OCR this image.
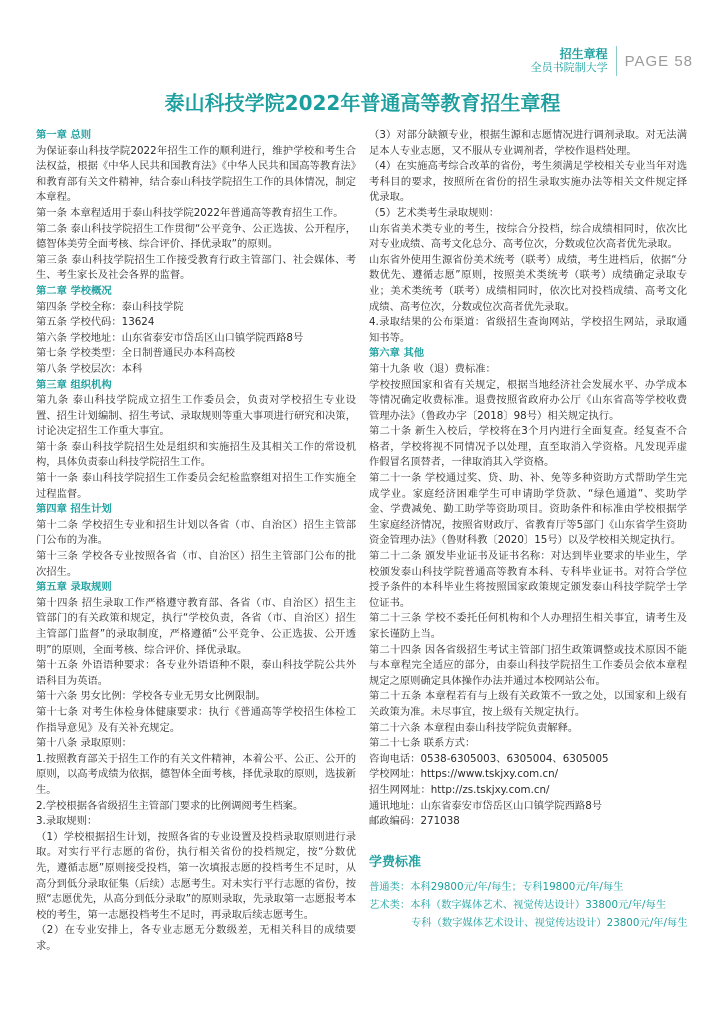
招生章程
全员书院制大学 PAGE 58
泰山科技学院2022年普通高等教育招生章程
第一章 总则

为保证泰山科技学院2022年招生工作的顺利进行，维护学校和考生合法权益，根据《中华人民共和国教育法》《中华人民共和国高等教育法》和教育部有关文件精神，结合泰山科技学院招生工作的具体情况，制定本章程。

第一条 本章程适用于泰山科技学院2022年普通高等教育招生工作。

第二条 泰山科技学院招生工作贯彻“公平竞争、公正选拔、公开程序，德智体美劳全面考核、综合评价、择优录取”的原则。

第三条 泰山科技学院招生工作接受教育行政主管部门、社会媒体、考生、考生家长及社会各界的监督。

第二章 学校概况

第四条 学校全称：泰山科技学院

第五条 学校代码：13624

第六条 学校地址：山东省泰安市岱岳区山口镇学院西路8号

第七条 学校类型：全日制普通民办本科高校

第八条 学校层次：本科

第三章 组织机构

第九条 泰山科技学院成立招生工作委员会，负责对学校招生专业设置、招生计划编制、招生考试、录取规则等重大事项进行研究和决策，讨论决定招生工作重大事宜。

第十条 泰山科技学院招生处是组织和实施招生及其相关工作的常设机构，具体负责泰山科技学院招生工作。

第十一条 泰山科技学院招生工作委员会纪检监察组对招生工作实施全过程监督。

第四章 招生计划

第十二条 学校招生专业和招生计划以各省（市、自治区）招生主管部门公布的为准。

第十三条 学校各专业按照各省（市、自治区）招生主管部门公布的批次招生。

第五章 录取规则

第十四条 招生录取工作严格遵守教育部、各省（市、自治区）招生主管部门的有关政策和规定，执行“学校负责，各省（市、自治区）招生主管部门监督”的录取制度，严格遵循“公平竞争、公正选拔、公开透明”的原则，全面考核、综合评价、择优录取。

第十五条 外语语种要求：各专业外语语种不限，泰山科技学院公共外语科目为英语。

第十六条 男女比例：学校各专业无男女比例限制。

第十七条 对考生体检身体健康要求：执行《普通高等学校招生体检工作指导意见》及有关补充规定。

第十八条 录取原则：

1.按照教育部关于招生工作的有关文件精神，本着公平、公正、公开的原则，以高考成绩为依据，德智体全面考核，择优录取的原则，选拔新生。

2.学校根据各省级招生主管部门要求的比例调阅考生档案。

3.录取规则：

（1）学校根据招生计划，按照各省的专业设置及投档录取原则进行录取。对实行平行志愿的省份，执行相关省份的投档规定，按“分数优先，遵循志愿”原则接受投档，第一次填报志愿的投档考生不足时，从高分到低分录取征集（后续）志愿考生。对未实行平行志愿的省份，按照“志愿优先，从高分到低分录取”的原则录取，先录取第一志愿报考本校的考生，第一志愿投档考生不足时，再录取后续志愿考生。

（2）在专业安排上，各专业志愿无分数级差，无相关科目的成绩要求。

（3）对部分缺额专业，根据生源和志愿情况进行调剂录取。对无法满足本人专业志愿，又不服从专业调剂者，学校作退档处理。

（4）在实施高考综合改革的省份，考生须满足学校相关专业当年对选考科目的要求，按照所在省份的招生录取实施办法等相关文件规定择优录取。

（5）艺术类考生录取规则：

山东省美术类专业的考生，按综合分投档，综合成绩相同时，依次比对专业成绩、高考文化总分、高考位次，分数或位次高者优先录取。

山东省外使用生源省份美术统考（联考）成绩，考生进档后，依据“分数优先、遵循志愿”原则，按照美术类统考（联考）成绩确定录取专业；美术类统考（联考）成绩相同时，依次比对投档成绩、高考文化成绩、高考位次，分数或位次高者优先录取。

4.录取结果的公布渠道：省级招生查询网站，学校招生网站，录取通知书等。

第六章 其他

第十九条 收（退）费标准：

学校按照国家和省有关规定，根据当地经济社会发展水平、办学成本等情况确定收费标准。退费按照省政府办公厅《山东省高等学校收费管理办法》（鲁政办字〔2018〕98号）相关规定执行。

第二十条 新生入校后，学校将在3个月内进行全面复查。经复查不合格者，学校将视不同情况予以处理，直至取消入学资格。凡发现弄虚作假冒名顶替者，一律取消其入学资格。

第二十一条 学校通过奖、贷、助、补、免等多种资助方式帮助学生完成学业。家庭经济困难学生可申请助学贷款、“绿色通道”、奖助学金、学费减免、勤工助学等资助项目。资助条件和标准由学校根据学生家庭经济情况，按照省财政厅、省教育厅等5部门《山东省学生资助资金管理办法》（鲁财科教〔2020〕15号）以及学校相关规定执行。

第二十二条 颁发毕业证书及证书名称：对达到毕业要求的毕业生，学校颁发泰山科技学院普通高等教育本科、专科毕业证书。对符合学位授予条件的本科毕业生将按照国家政策规定颁发泰山科技学院学士学位证书。

第二十三条 学校不委托任何机构和个人办理招生相关事宜，请考生及家长谨防上当。

第二十四条 因各省级招生考试主管部门招生政策调整或技术原因不能与本章程完全适应的部分，由泰山科技学院招生工作委员会依本章程规定之原则确定具体操作办法并通过本校网站公布。

第二十五条 本章程若有与上级有关政策不一致之处，以国家和上级有关政策为准。未尽事宜，按上级有关规定执行。

第二十六条 本章程由泰山科技学院负责解释。

第二十七条 联系方式：

咨询电话：0538-6305003、6305004、6305005

学校网址：https://www.tskjxy.com.cn/

招生网网址：http://zs.tskjxy.com.cn/

通讯地址：山东省泰安市岱岳区山口镇学院西路8号

邮政编码：271038

学费标准

普通类：本科29800元/年/每生；专科19800元/年/每生

艺术类：本科（数字媒体艺术、视觉传达设计）33800元/年/每生

专科（数字媒体艺术设计、视觉传达设计）23800元/年/每生
